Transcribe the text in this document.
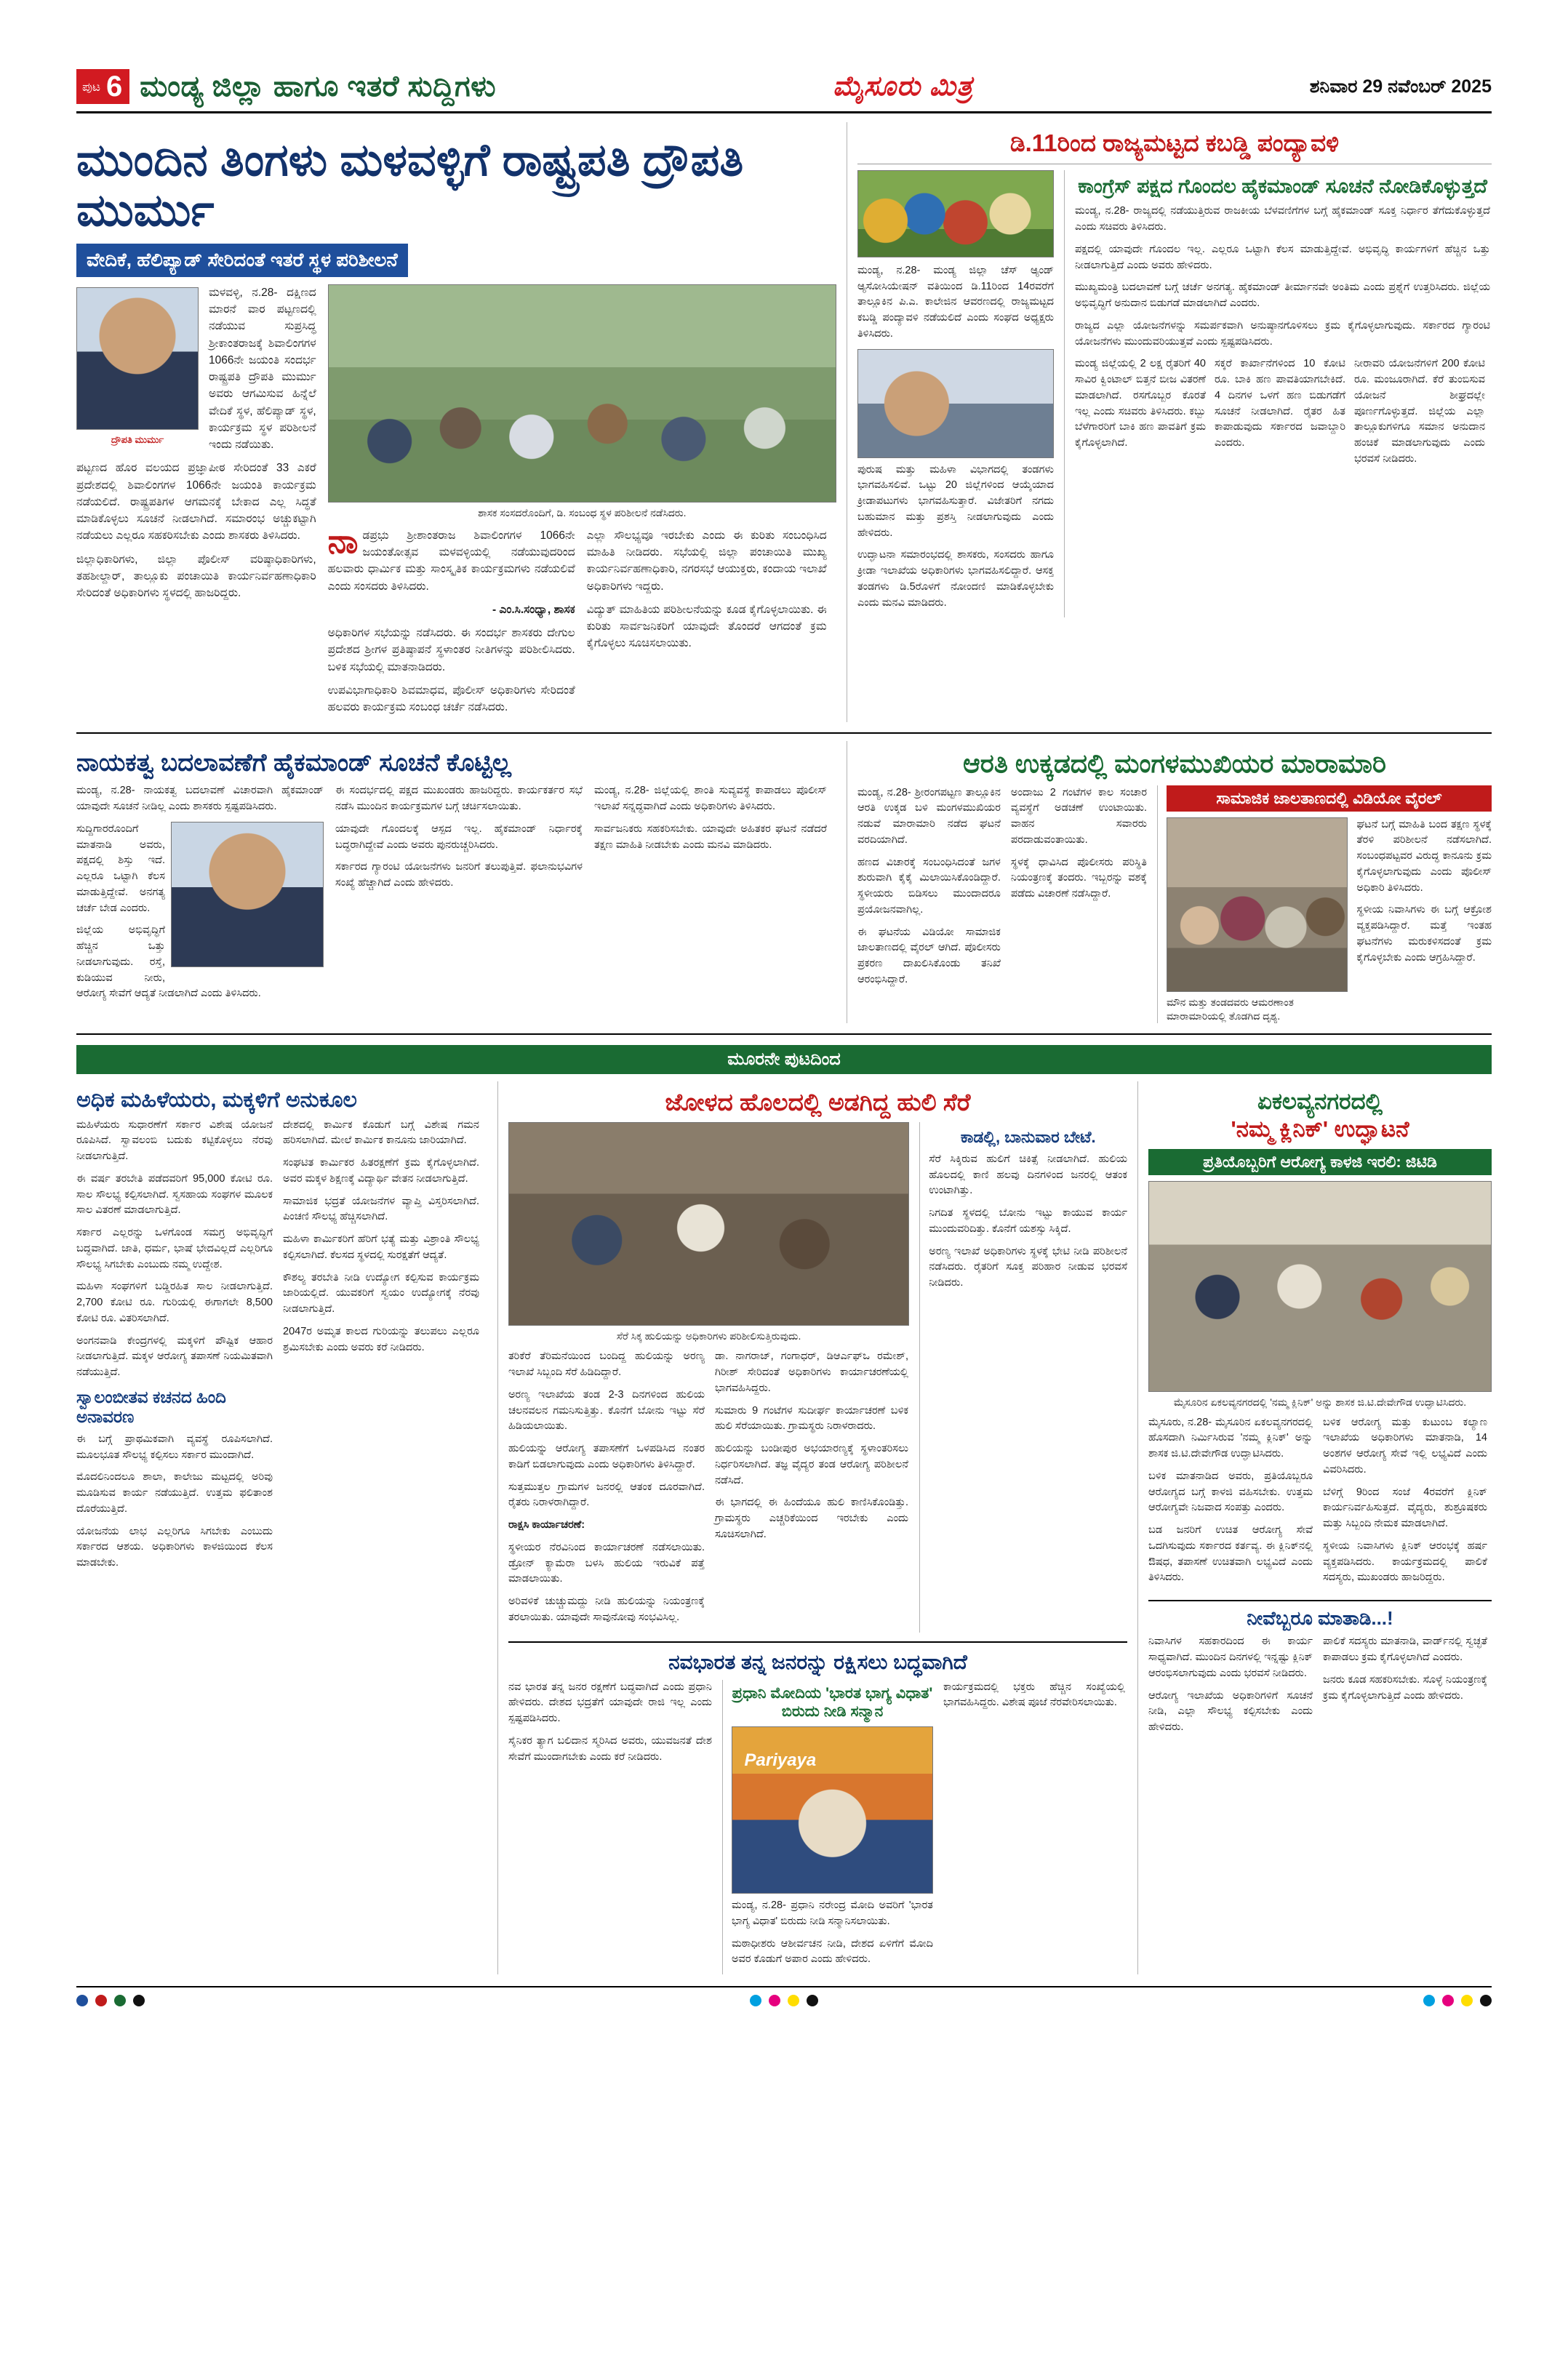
ಪುಟ 6 ಮಂಡ್ಯ ಜಿಲ್ಲಾ ಹಾಗೂ ಇತರೆ ಸುದ್ದಿಗಳು	ಮೈಸೂರು ಮಿತ್ರ	ಶನಿವಾರ 29 ನವೆಂಬರ್ 2025
ಮುಂದಿನ ತಿಂಗಳು ಮಳವಳ್ಳಿಗೆ ರಾಷ್ಟ್ರಪತಿ ದ್ರೌಪತಿ ಮುರ್ಮು
ವೇದಿಕೆ, ಹೆಲಿಪ್ಯಾಡ್ ಸೇರಿದಂತೆ ಇತರೆ ಸ್ಥಳ ಪರಿಶೀಲನೆ
ದ್ರೌಪತಿ ಮುರ್ಮು

ಮಳವಳ್ಳಿ, ನ.28- ದಕ್ಷಿಣದ ಮಾರನೆ ವಾರ ಪಟ್ಟಣದಲ್ಲಿ ನಡೆಯುವ ಸುಪ್ರಸಿದ್ಧ ಶ್ರೀಕಾಂತರಾಜಕ್ಕೆ ಶಿವಾಲಿಂಗಗಳ 1066ನೇ ಜಯಂತಿ ಸಂದರ್ಭ ರಾಷ್ಟ್ರಪತಿ ದ್ರೌಪತಿ ಮುರ್ಮು ಅವರು ಆಗಮಿಸುವ ಹಿನ್ನೆಲೆ ವೇದಿಕೆ ಸ್ಥಳ, ಹೆಲಿಪ್ಯಾಡ್ ಸ್ಥಳ, ಕಾರ್ಯಕ್ರಮ ಸ್ಥಳ ಪರಿಶೀಲನೆ ಇಂದು ನಡೆಯಿತು.

ಪಟ್ಟಣದ ಹೊರ ವಲಯದ ಪ್ರಜ್ಞಾಪೀಠ ಸೇರಿದಂತೆ 33 ಎಕರೆ ಪ್ರದೇಶದಲ್ಲಿ ಶಿವಾಲಿಂಗಗಳ 1066ನೇ ಜಯಂತಿ ಕಾರ್ಯಕ್ರಮ ನಡೆಯಲಿದೆ. ರಾಷ್ಟ್ರಪತಿಗಳ ಆಗಮನಕ್ಕೆ ಬೇಕಾದ ಎಲ್ಲ ಸಿದ್ಧತೆ ಮಾಡಿಕೊಳ್ಳಲು ಸೂಚನೆ ನೀಡಲಾಗಿದೆ. ಸಮಾರಂಭ ಅಚ್ಚುಕಟ್ಟಾಗಿ ನಡೆಯಲು ಎಲ್ಲರೂ ಸಹಕರಿಸಬೇಕು ಎಂದು ಶಾಸಕರು ತಿಳಿಸಿದರು.

ಜಿಲ್ಲಾಧಿಕಾರಿಗಳು, ಜಿಲ್ಲಾ ಪೊಲೀಸ್ ವರಿಷ್ಠಾಧಿಕಾರಿಗಳು, ತಹಶೀಲ್ದಾರ್, ತಾಲ್ಲೂಕು ಪಂಚಾಯಿತಿ ಕಾರ್ಯನಿರ್ವಹಣಾಧಿಕಾರಿ ಸೇರಿದಂತೆ ಅಧಿಕಾರಿಗಳು ಸ್ಥಳದಲ್ಲಿ ಹಾಜರಿದ್ದರು.

ಶಾಸಕ ಸಂಸದರೊಂದಿಗೆ, ಡಿ. ಸಂಬಂಧ ಸ್ಥಳ ಪರಿಶೀಲನೆ ನಡೆಸಿದರು.

ನಾಡಪ್ರಭು ಶ್ರೀಶಾಂತರಾಜ ಶಿವಾಲಿಂಗಗಳ 1066ನೇ ಜಯಂತೋತ್ಸವ ಮಳವಳ್ಳಿಯಲ್ಲಿ ನಡೆಯುವುದರಿಂದ ಹಲವಾರು ಧಾರ್ಮಿಕ ಮತ್ತು ಸಾಂಸ್ಕೃತಿಕ ಕಾರ್ಯಕ್ರಮಗಳು ನಡೆಯಲಿವೆ ಎಂದು ಸಂಸದರು ತಿಳಿಸಿದರು.

- ಎಂ.ಸಿ.ಸಂಧ್ಯಾ, ಶಾಸಕ

ಅಧಿಕಾರಿಗಳ ಸಭೆಯನ್ನು ನಡೆಸಿದರು. ಈ ಸಂದರ್ಭ ಶಾಸಕರು ದೇಗುಲ ಪ್ರದೇಶದ ಶ್ರೀಗಳ ಪ್ರತಿಷ್ಠಾಪನೆ ಸ್ಥಳಾಂತರ ನೀತಿಗಳನ್ನು ಪರಿಶೀಲಿಸಿದರು. ಬಳಿಕ ಸಭೆಯಲ್ಲಿ ಮಾತನಾಡಿದರು.

ಉಪವಿಭಾಗಾಧಿಕಾರಿ ಶಿವಮಾಧವ, ಪೊಲೀಸ್ ಅಧಿಕಾರಿಗಳು ಸೇರಿದಂತೆ ಹಲವರು ಕಾರ್ಯಕ್ರಮ ಸಂಬಂಧ ಚರ್ಚೆ ನಡೆಸಿದರು.

ಎಲ್ಲಾ ಸೌಲಭ್ಯವೂ ಇರಬೇಕು ಎಂದು ಈ ಕುರಿತು ಸಂಬಂಧಿಸಿದ ಮಾಹಿತಿ ನೀಡಿದರು. ಸಭೆಯಲ್ಲಿ ಜಿಲ್ಲಾ ಪಂಚಾಯಿತಿ ಮುಖ್ಯ ಕಾರ್ಯನಿರ್ವಹಣಾಧಿಕಾರಿ, ನಗರಸಭೆ ಆಯುಕ್ತರು, ಕಂದಾಯ ಇಲಾಖೆ ಅಧಿಕಾರಿಗಳು ಇದ್ದರು.

ವಿದ್ಯುತ್ ಮಾಹಿತಿಯ ಪರಿಶೀಲನೆಯನ್ನು ಕೂಡ ಕೈಗೊಳ್ಳಲಾಯಿತು. ಈ ಕುರಿತು ಸಾರ್ವಜನಿಕರಿಗೆ ಯಾವುದೇ ತೊಂದರೆ ಆಗದಂತೆ ಕ್ರಮ ಕೈಗೊಳ್ಳಲು ಸೂಚಿಸಲಾಯಿತು.

ಡಿ.11ರಿಂದ ರಾಜ್ಯಮಟ್ಟದ ಕಬಡ್ಡಿ ಪಂದ್ಯಾವಳಿ

ಮಂಡ್ಯ, ನ.28- ಮಂಡ್ಯ ಜಿಲ್ಲಾ ಚೆಸ್ ಆ್ಯಂಡ್ ಆ್ಯಸೋಸಿಯೇಷನ್ ವತಿಯಿಂದ ಡಿ.11ರಿಂದ 14ರವರೆಗೆ ತಾಲ್ಲೂಕಿನ ಪಿ.ಎ. ಕಾಲೇಜಿನ ಆವರಣದಲ್ಲಿ ರಾಜ್ಯಮಟ್ಟದ ಕಬಡ್ಡಿ ಪಂದ್ಯಾವಳಿ ನಡೆಯಲಿದೆ ಎಂದು ಸಂಘದ ಅಧ್ಯಕ್ಷರು ತಿಳಿಸಿದರು.

ಪುರುಷ ಮತ್ತು ಮಹಿಳಾ ವಿಭಾಗದಲ್ಲಿ ತಂಡಗಳು ಭಾಗವಹಿಸಲಿವೆ. ಒಟ್ಟು 20 ಜಿಲ್ಲೆಗಳಿಂದ ಆಯ್ಕೆಯಾದ ಕ್ರೀಡಾಪಟುಗಳು ಭಾಗವಹಿಸುತ್ತಾರೆ. ವಿಜೇತರಿಗೆ ನಗದು ಬಹುಮಾನ ಮತ್ತು ಪ್ರಶಸ್ತಿ ನೀಡಲಾಗುವುದು ಎಂದು ಹೇಳಿದರು.

ಉದ್ಘಾಟನಾ ಸಮಾರಂಭದಲ್ಲಿ ಶಾಸಕರು, ಸಂಸದರು ಹಾಗೂ ಕ್ರೀಡಾ ಇಲಾಖೆಯ ಅಧಿಕಾರಿಗಳು ಭಾಗವಹಿಸಲಿದ್ದಾರೆ. ಆಸಕ್ತ ತಂಡಗಳು ಡಿ.5ರೊಳಗೆ ನೋಂದಣಿ ಮಾಡಿಕೊಳ್ಳಬೇಕು ಎಂದು ಮನವಿ ಮಾಡಿದರು.

ಕಾಂಗ್ರೆಸ್ ಪಕ್ಷದ ಗೊಂದಲ ಹೈಕಮಾಂಡ್ ಸೂಚನೆ ನೋಡಿಕೊಳ್ಳುತ್ತದೆ

ಮಂಡ್ಯ, ನ.28- ರಾಜ್ಯದಲ್ಲಿ ನಡೆಯುತ್ತಿರುವ ರಾಜಕೀಯ ಬೆಳವಣಿಗೆಗಳ ಬಗ್ಗೆ ಹೈಕಮಾಂಡ್ ಸೂಕ್ತ ನಿರ್ಧಾರ ತೆಗೆದುಕೊಳ್ಳುತ್ತದೆ ಎಂದು ಸಚಿವರು ತಿಳಿಸಿದರು.

ಪಕ್ಷದಲ್ಲಿ ಯಾವುದೇ ಗೊಂದಲ ಇಲ್ಲ. ಎಲ್ಲರೂ ಒಟ್ಟಾಗಿ ಕೆಲಸ ಮಾಡುತ್ತಿದ್ದೇವೆ. ಅಭಿವೃದ್ಧಿ ಕಾರ್ಯಗಳಿಗೆ ಹೆಚ್ಚಿನ ಒತ್ತು ನೀಡಲಾಗುತ್ತಿದೆ ಎಂದು ಅವರು ಹೇಳಿದರು.

ಮುಖ್ಯಮಂತ್ರಿ ಬದಲಾವಣೆ ಬಗ್ಗೆ ಚರ್ಚೆ ಅನಗತ್ಯ. ಹೈಕಮಾಂಡ್ ತೀರ್ಮಾನವೇ ಅಂತಿಮ ಎಂದು ಪ್ರಶ್ನೆಗೆ ಉತ್ತರಿಸಿದರು. ಜಿಲ್ಲೆಯ ಅಭಿವೃದ್ಧಿಗೆ ಅನುದಾನ ಬಿಡುಗಡೆ ಮಾಡಲಾಗಿದೆ ಎಂದರು.

ರಾಜ್ಯದ ಎಲ್ಲಾ ಯೋಜನೆಗಳನ್ನು ಸಮರ್ಪಕವಾಗಿ ಅನುಷ್ಠಾನಗೊಳಿಸಲು ಕ್ರಮ ಕೈಗೊಳ್ಳಲಾಗುವುದು. ಸರ್ಕಾರದ ಗ್ಯಾರಂಟಿ ಯೋಜನೆಗಳು ಮುಂದುವರಿಯುತ್ತವೆ ಎಂದು ಸ್ಪಷ್ಟಪಡಿಸಿದರು.

ಮಂಡ್ಯ ಜಿಲ್ಲೆಯಲ್ಲಿ 2 ಲಕ್ಷ ರೈತರಿಗೆ 40 ಸಾವಿರ ಕ್ವಿಂಟಾಲ್ ಬಿತ್ತನೆ ಬೀಜ ವಿತರಣೆ ಮಾಡಲಾಗಿದೆ. ರಸಗೊಬ್ಬರ ಕೊರತೆ ಇಲ್ಲ ಎಂದು ಸಚಿವರು ತಿಳಿಸಿದರು. ಕಬ್ಬು ಬೆಳೆಗಾರರಿಗೆ ಬಾಕಿ ಹಣ ಪಾವತಿಗೆ ಕ್ರಮ ಕೈಗೊಳ್ಳಲಾಗಿದೆ.

ಸಕ್ಕರೆ ಕಾರ್ಖಾನೆಗಳಿಂದ 10 ಕೋಟಿ ರೂ. ಬಾಕಿ ಹಣ ಪಾವತಿಯಾಗಬೇಕಿದೆ. 4 ದಿನಗಳ ಒಳಗೆ ಹಣ ಬಿಡುಗಡೆಗೆ ಸೂಚನೆ ನೀಡಲಾಗಿದೆ. ರೈತರ ಹಿತ ಕಾಪಾಡುವುದು ಸರ್ಕಾರದ ಜವಾಬ್ದಾರಿ ಎಂದರು.

ನೀರಾವರಿ ಯೋಜನೆಗಳಿಗೆ 200 ಕೋಟಿ ರೂ. ಮಂಜೂರಾಗಿದೆ. ಕೆರೆ ತುಂಬಿಸುವ ಯೋಜನೆ ಶೀಘ್ರದಲ್ಲೇ ಪೂರ್ಣಗೊಳ್ಳುತ್ತದೆ. ಜಿಲ್ಲೆಯ ಎಲ್ಲಾ ತಾಲ್ಲೂಕುಗಳಿಗೂ ಸಮಾನ ಅನುದಾನ ಹಂಚಿಕೆ ಮಾಡಲಾಗುವುದು ಎಂದು ಭರವಸೆ ನೀಡಿದರು.

ನಾಯಕತ್ವ ಬದಲಾವಣೆಗೆ ಹೈಕಮಾಂಡ್ ಸೂಚನೆ ಕೊಟ್ಟಿಲ್ಲ

ಮಂಡ್ಯ, ನ.28- ನಾಯಕತ್ವ ಬದಲಾವಣೆ ವಿಚಾರವಾಗಿ ಹೈಕಮಾಂಡ್ ಯಾವುದೇ ಸೂಚನೆ ನೀಡಿಲ್ಲ ಎಂದು ಶಾಸಕರು ಸ್ಪಷ್ಟಪಡಿಸಿದರು.

ಸುದ್ದಿಗಾರರೊಂದಿಗೆ ಮಾತನಾಡಿ ಅವರು, ಪಕ್ಷದಲ್ಲಿ ಶಿಸ್ತು ಇದೆ. ಎಲ್ಲರೂ ಒಟ್ಟಾಗಿ ಕೆಲಸ ಮಾಡುತ್ತಿದ್ದೇವೆ. ಅನಗತ್ಯ ಚರ್ಚೆ ಬೇಡ ಎಂದರು.

ಜಿಲ್ಲೆಯ ಅಭಿವೃದ್ಧಿಗೆ ಹೆಚ್ಚಿನ ಒತ್ತು ನೀಡಲಾಗುವುದು. ರಸ್ತೆ, ಕುಡಿಯುವ ನೀರು, ಆರೋಗ್ಯ ಸೇವೆಗೆ ಆದ್ಯತೆ ನೀಡಲಾಗಿದೆ ಎಂದು ತಿಳಿಸಿದರು.

ಈ ಸಂದರ್ಭದಲ್ಲಿ ಪಕ್ಷದ ಮುಖಂಡರು ಹಾಜರಿದ್ದರು. ಕಾರ್ಯಕರ್ತರ ಸಭೆ ನಡೆಸಿ ಮುಂದಿನ ಕಾರ್ಯಕ್ರಮಗಳ ಬಗ್ಗೆ ಚರ್ಚಿಸಲಾಯಿತು.

ಯಾವುದೇ ಗೊಂದಲಕ್ಕೆ ಆಸ್ಪದ ಇಲ್ಲ. ಹೈಕಮಾಂಡ್ ನಿರ್ಧಾರಕ್ಕೆ ಬದ್ಧರಾಗಿದ್ದೇವೆ ಎಂದು ಅವರು ಪುನರುಚ್ಚರಿಸಿದರು.

ಸರ್ಕಾರದ ಗ್ಯಾರಂಟಿ ಯೋಜನೆಗಳು ಜನರಿಗೆ ತಲುಪುತ್ತಿವೆ. ಫಲಾನುಭವಿಗಳ ಸಂಖ್ಯೆ ಹೆಚ್ಚಾಗಿದೆ ಎಂದು ಹೇಳಿದರು.

ಮಂಡ್ಯ, ನ.28- ಜಿಲ್ಲೆಯಲ್ಲಿ ಶಾಂತಿ ಸುವ್ಯವಸ್ಥೆ ಕಾಪಾಡಲು ಪೊಲೀಸ್ ಇಲಾಖೆ ಸನ್ನದ್ಧವಾಗಿದೆ ಎಂದು ಅಧಿಕಾರಿಗಳು ತಿಳಿಸಿದರು.

ಸಾರ್ವಜನಿಕರು ಸಹಕರಿಸಬೇಕು. ಯಾವುದೇ ಅಹಿತಕರ ಘಟನೆ ನಡೆದರೆ ತಕ್ಷಣ ಮಾಹಿತಿ ನೀಡಬೇಕು ಎಂದು ಮನವಿ ಮಾಡಿದರು.

ಆರತಿ ಉಕ್ಕಡದಲ್ಲಿ ಮಂಗಳಮುಖಿಯರ ಮಾರಾಮಾರಿ

ಮಂಡ್ಯ, ನ.28- ಶ್ರೀರಂಗಪಟ್ಟಣ ತಾಲ್ಲೂಕಿನ ಆರತಿ ಉಕ್ಕಡ ಬಳಿ ಮಂಗಳಮುಖಿಯರ ನಡುವೆ ಮಾರಾಮಾರಿ ನಡೆದ ಘಟನೆ ವರದಿಯಾಗಿದೆ.

ಹಣದ ವಿಚಾರಕ್ಕೆ ಸಂಬಂಧಿಸಿದಂತೆ ಜಗಳ ಶುರುವಾಗಿ ಕೈಕೈ ಮಿಲಾಯಿಸಿಕೊಂಡಿದ್ದಾರೆ. ಸ್ಥಳೀಯರು ಬಿಡಿಸಲು ಮುಂದಾದರೂ ಪ್ರಯೋಜನವಾಗಿಲ್ಲ.

ಈ ಘಟನೆಯ ವಿಡಿಯೋ ಸಾಮಾಜಿಕ ಜಾಲತಾಣದಲ್ಲಿ ವೈರಲ್ ಆಗಿದೆ. ಪೊಲೀಸರು ಪ್ರಕರಣ ದಾಖಲಿಸಿಕೊಂಡು ತನಿಖೆ ಆರಂಭಿಸಿದ್ದಾರೆ.

ಅಂದಾಜು 2 ಗಂಟೆಗಳ ಕಾಲ ಸಂಚಾರ ವ್ಯವಸ್ಥೆಗೆ ಅಡಚಣೆ ಉಂಟಾಯಿತು. ವಾಹನ ಸವಾರರು ಪರದಾಡುವಂತಾಯಿತು.

ಸ್ಥಳಕ್ಕೆ ಧಾವಿಸಿದ ಪೊಲೀಸರು ಪರಿಸ್ಥಿತಿ ನಿಯಂತ್ರಣಕ್ಕೆ ತಂದರು. ಇಬ್ಬರನ್ನು ವಶಕ್ಕೆ ಪಡೆದು ವಿಚಾರಣೆ ನಡೆಸಿದ್ದಾರೆ.

ಸಾಮಾಜಿಕ ಜಾಲತಾಣದಲ್ಲಿ ವಿಡಿಯೋ ವೈರಲ್
ಮೌನ ಮತ್ತು ತಂಡದವರು ಆಮರಣಾಂತ ಮಾರಾಮಾರಿಯಲ್ಲಿ ತೊಡಗಿದ ದೃಶ್ಯ.

ಘಟನೆ ಬಗ್ಗೆ ಮಾಹಿತಿ ಬಂದ ತಕ್ಷಣ ಸ್ಥಳಕ್ಕೆ ತೆರಳಿ ಪರಿಶೀಲನೆ ನಡೆಸಲಾಗಿದೆ. ಸಂಬಂಧಪಟ್ಟವರ ವಿರುದ್ಧ ಕಾನೂನು ಕ್ರಮ ಕೈಗೊಳ್ಳಲಾಗುವುದು ಎಂದು ಪೊಲೀಸ್ ಅಧಿಕಾರಿ ತಿಳಿಸಿದರು.

ಸ್ಥಳೀಯ ನಿವಾಸಿಗಳು ಈ ಬಗ್ಗೆ ಆಕ್ರೋಶ ವ್ಯಕ್ತಪಡಿಸಿದ್ದಾರೆ. ಮತ್ತೆ ಇಂತಹ ಘಟನೆಗಳು ಮರುಕಳಿಸದಂತೆ ಕ್ರಮ ಕೈಗೊಳ್ಳಬೇಕು ಎಂದು ಆಗ್ರಹಿಸಿದ್ದಾರೆ.

ಮೂರನೇ ಪುಟದಿಂದ
ಅಧಿಕ ಮಹಿಳೆಯರು, ಮಕ್ಕಳಿಗೆ ಅನುಕೂಲ

ಮಹಿಳೆಯರು ಸುಧಾರಣೆಗೆ ಸರ್ಕಾರ ವಿಶೇಷ ಯೋಜನೆ ರೂಪಿಸಿದೆ. ಸ್ವಾವಲಂಬಿ ಬದುಕು ಕಟ್ಟಿಕೊಳ್ಳಲು ನೆರವು ನೀಡಲಾಗುತ್ತಿದೆ.

ಈ ವರ್ಷ ತರಬೇತಿ ಪಡೆದವರಿಗೆ 95,000 ಕೋಟಿ ರೂ. ಸಾಲ ಸೌಲಭ್ಯ ಕಲ್ಪಿಸಲಾಗಿದೆ. ಸ್ವಸಹಾಯ ಸಂಘಗಳ ಮೂಲಕ ಸಾಲ ವಿತರಣೆ ಮಾಡಲಾಗುತ್ತಿದೆ.

ಸರ್ಕಾರ ಎಲ್ಲರನ್ನು ಒಳಗೊಂಡ ಸಮಗ್ರ ಅಭಿವೃದ್ಧಿಗೆ ಬದ್ಧವಾಗಿದೆ. ಜಾತಿ, ಧರ್ಮ, ಭಾಷೆ ಭೇದವಿಲ್ಲದೆ ಎಲ್ಲರಿಗೂ ಸೌಲಭ್ಯ ಸಿಗಬೇಕು ಎಂಬುದು ನಮ್ಮ ಉದ್ದೇಶ.

ಮಹಿಳಾ ಸಂಘಗಳಿಗೆ ಬಡ್ಡಿರಹಿತ ಸಾಲ ನೀಡಲಾಗುತ್ತಿದೆ. 2,700 ಕೋಟಿ ರೂ. ಗುರಿಯಲ್ಲಿ ಈಗಾಗಲೇ 8,500 ಕೋಟಿ ರೂ. ವಿತರಿಸಲಾಗಿದೆ.

ಅಂಗನವಾಡಿ ಕೇಂದ್ರಗಳಲ್ಲಿ ಮಕ್ಕಳಿಗೆ ಪೌಷ್ಟಿಕ ಆಹಾರ ನೀಡಲಾಗುತ್ತಿದೆ. ಮಕ್ಕಳ ಆರೋಗ್ಯ ತಪಾಸಣೆ ನಿಯಮಿತವಾಗಿ ನಡೆಯುತ್ತಿದೆ.

ಸ್ವಾಲಂಬೀತವ ಕಚನದ ಹಿಂದಿ ಅನಾವರಣ

ಈ ಬಗ್ಗೆ ಪ್ರಾಥಮಿಕವಾಗಿ ವ್ಯವಸ್ಥೆ ರೂಪಿಸಲಾಗಿದೆ. ಮೂಲಭೂತ ಸೌಲಭ್ಯ ಕಲ್ಪಿಸಲು ಸರ್ಕಾರ ಮುಂದಾಗಿದೆ.

ಮೊದಲಿನಿಂದಲೂ ಶಾಲಾ, ಕಾಲೇಜು ಮಟ್ಟದಲ್ಲಿ ಅರಿವು ಮೂಡಿಸುವ ಕಾರ್ಯ ನಡೆಯುತ್ತಿದೆ. ಉತ್ತಮ ಫಲಿತಾಂಶ ದೊರೆಯುತ್ತಿದೆ.

ಯೋಜನೆಯ ಲಾಭ ಎಲ್ಲರಿಗೂ ಸಿಗಬೇಕು ಎಂಬುದು ಸರ್ಕಾರದ ಆಶಯ. ಅಧಿಕಾರಿಗಳು ಕಾಳಜಿಯಿಂದ ಕೆಲಸ ಮಾಡಬೇಕು.

ದೇಶದಲ್ಲಿ ಕಾರ್ಮಿಕ ಕೊಡುಗೆ ಬಗ್ಗೆ ವಿಶೇಷ ಗಮನ ಹರಿಸಲಾಗಿದೆ. ಮೇಲೆ ಕಾರ್ಮಿಕ ಕಾನೂನು ಜಾರಿಯಾಗಿದೆ.

ಸಂಘಟಿತ ಕಾರ್ಮಿಕರ ಹಿತರಕ್ಷಣೆಗೆ ಕ್ರಮ ಕೈಗೊಳ್ಳಲಾಗಿದೆ. ಅವರ ಮಕ್ಕಳ ಶಿಕ್ಷಣಕ್ಕೆ ವಿದ್ಯಾರ್ಥಿ ವೇತನ ನೀಡಲಾಗುತ್ತಿದೆ.

ಸಾಮಾಜಿಕ ಭದ್ರತೆ ಯೋಜನೆಗಳ ವ್ಯಾಪ್ತಿ ವಿಸ್ತರಿಸಲಾಗಿದೆ. ಪಿಂಚಣಿ ಸೌಲಭ್ಯ ಹೆಚ್ಚಿಸಲಾಗಿದೆ.

ಮಹಿಳಾ ಕಾರ್ಮಿಕರಿಗೆ ಹೆರಿಗೆ ಭತ್ಯೆ ಮತ್ತು ವಿಶ್ರಾಂತಿ ಸೌಲಭ್ಯ ಕಲ್ಪಿಸಲಾಗಿದೆ. ಕೆಲಸದ ಸ್ಥಳದಲ್ಲಿ ಸುರಕ್ಷತೆಗೆ ಆದ್ಯತೆ.

ಕೌಶಲ್ಯ ತರಬೇತಿ ನೀಡಿ ಉದ್ಯೋಗ ಕಲ್ಪಿಸುವ ಕಾರ್ಯಕ್ರಮ ಜಾರಿಯಲ್ಲಿದೆ. ಯುವಕರಿಗೆ ಸ್ವಯಂ ಉದ್ಯೋಗಕ್ಕೆ ನೆರವು ನೀಡಲಾಗುತ್ತಿದೆ.

2047ರ ಅಮೃತ ಕಾಲದ ಗುರಿಯನ್ನು ತಲುಪಲು ಎಲ್ಲರೂ ಶ್ರಮಿಸಬೇಕು ಎಂದು ಅವರು ಕರೆ ನೀಡಿದರು.

ಜೋಳದ ಹೊಲದಲ್ಲಿ ಅಡಗಿದ್ದ ಹುಲಿ ಸೆರೆ
ಸೆರೆ ಸಿಕ್ಕ ಹುಲಿಯನ್ನು ಅಧಿಕಾರಿಗಳು ಪರಿಶೀಲಿಸುತ್ತಿರುವುದು.

ತರಿಕೆರೆ ತೆರಿಮನೆಯಿಂದ ಬಂದಿದ್ದ ಹುಲಿಯನ್ನು ಅರಣ್ಯ ಇಲಾಖೆ ಸಿಬ್ಬಂದಿ ಸೆರೆ ಹಿಡಿದಿದ್ದಾರೆ.

ಅರಣ್ಯ ಇಲಾಖೆಯ ತಂಡ 2-3 ದಿನಗಳಿಂದ ಹುಲಿಯ ಚಲನವಲನ ಗಮನಿಸುತ್ತಿತ್ತು. ಕೊನೆಗೆ ಬೋನು ಇಟ್ಟು ಸೆರೆ ಹಿಡಿಯಲಾಯಿತು.

ಹುಲಿಯನ್ನು ಆರೋಗ್ಯ ತಪಾಸಣೆಗೆ ಒಳಪಡಿಸಿದ ನಂತರ ಕಾಡಿಗೆ ಬಿಡಲಾಗುವುದು ಎಂದು ಅಧಿಕಾರಿಗಳು ತಿಳಿಸಿದ್ದಾರೆ.

ಸುತ್ತಮುತ್ತಲ ಗ್ರಾಮಗಳ ಜನರಲ್ಲಿ ಆತಂಕ ದೂರವಾಗಿದೆ. ರೈತರು ನಿರಾಳರಾಗಿದ್ದಾರೆ.

ರಾಕ್ಷಸಿ ಕಾರ್ಯಾಚರಣೆ:

ಸ್ಥಳೀಯರ ನೆರವಿನಿಂದ ಕಾರ್ಯಾಚರಣೆ ನಡೆಸಲಾಯಿತು. ಡ್ರೋನ್ ಕ್ಯಾಮೆರಾ ಬಳಸಿ ಹುಲಿಯ ಇರುವಿಕೆ ಪತ್ತೆ ಮಾಡಲಾಯಿತು.

ಅರಿವಳಿಕೆ ಚುಚ್ಚುಮದ್ದು ನೀಡಿ ಹುಲಿಯನ್ನು ನಿಯಂತ್ರಣಕ್ಕೆ ತರಲಾಯಿತು. ಯಾವುದೇ ಸಾವುನೋವು ಸಂಭವಿಸಿಲ್ಲ.

ಡಾ. ನಾಗರಾಜ್, ಗಂಗಾಧರ್, ಡಿಆರ್ಎಫ್ಒ ರಮೇಶ್, ಗಿರೀಶ್ ಸೇರಿದಂತೆ ಅಧಿಕಾರಿಗಳು ಕಾರ್ಯಾಚರಣೆಯಲ್ಲಿ ಭಾಗವಹಿಸಿದ್ದರು.

ಸುಮಾರು 9 ಗಂಟೆಗಳ ಸುದೀರ್ಘ ಕಾರ್ಯಾಚರಣೆ ಬಳಿಕ ಹುಲಿ ಸೆರೆಯಾಯಿತು. ಗ್ರಾಮಸ್ಥರು ನಿರಾಳರಾದರು.

ಹುಲಿಯನ್ನು ಬಂಡೀಪುರ ಅಭಯಾರಣ್ಯಕ್ಕೆ ಸ್ಥಳಾಂತರಿಸಲು ನಿರ್ಧರಿಸಲಾಗಿದೆ. ತಜ್ಞ ವೈದ್ಯರ ತಂಡ ಆರೋಗ್ಯ ಪರಿಶೀಲನೆ ನಡೆಸಿದೆ.

ಈ ಭಾಗದಲ್ಲಿ ಈ ಹಿಂದೆಯೂ ಹುಲಿ ಕಾಣಿಸಿಕೊಂಡಿತ್ತು. ಗ್ರಾಮಸ್ಥರು ಎಚ್ಚರಿಕೆಯಿಂದ ಇರಬೇಕು ಎಂದು ಸೂಚಿಸಲಾಗಿದೆ.

ಕಾಡಲ್ಲಿ, ಬಾನುವಾರ ಬೇಟೆ.

ಸೆರೆ ಸಿಕ್ಕಿರುವ ಹುಲಿಗೆ ಚಿಕಿತ್ಸೆ ನೀಡಲಾಗಿದೆ. ಹುಲಿಯ ಹೊಲದಲ್ಲಿ ಕಾಣಿ ಹಲವು ದಿನಗಳಿಂದ ಜನರಲ್ಲಿ ಆತಂಕ ಉಂಟಾಗಿತ್ತು.

ನಿಗದಿತ ಸ್ಥಳದಲ್ಲಿ ಬೋನು ಇಟ್ಟು ಕಾಯುವ ಕಾರ್ಯ ಮುಂದುವರಿದಿತ್ತು. ಕೊನೆಗೆ ಯಶಸ್ಸು ಸಿಕ್ಕಿದೆ.

ಅರಣ್ಯ ಇಲಾಖೆ ಅಧಿಕಾರಿಗಳು ಸ್ಥಳಕ್ಕೆ ಭೇಟಿ ನೀಡಿ ಪರಿಶೀಲನೆ ನಡೆಸಿದರು. ರೈತರಿಗೆ ಸೂಕ್ತ ಪರಿಹಾರ ನೀಡುವ ಭರವಸೆ ನೀಡಿದರು.

ನವಭಾರತ ತನ್ನ ಜನರನ್ನು ರಕ್ಷಿಸಲು ಬದ್ಧವಾಗಿದೆ

ನವ ಭಾರತ ತನ್ನ ಜನರ ರಕ್ಷಣೆಗೆ ಬದ್ಧವಾಗಿದೆ ಎಂದು ಪ್ರಧಾನಿ ಹೇಳಿದರು. ದೇಶದ ಭದ್ರತೆಗೆ ಯಾವುದೇ ರಾಜಿ ಇಲ್ಲ ಎಂದು ಸ್ಪಷ್ಟಪಡಿಸಿದರು.

ಸೈನಿಕರ ತ್ಯಾಗ ಬಲಿದಾನ ಸ್ಮರಿಸಿದ ಅವರು, ಯುವಜನತೆ ದೇಶ ಸೇವೆಗೆ ಮುಂದಾಗಬೇಕು ಎಂದು ಕರೆ ನೀಡಿದರು.

ಪ್ರಧಾನಿ ಮೋದಿಯ 'ಭಾರತ ಭಾಗ್ಯ ವಿಧಾತ' ಬಿರುದು ನೀಡಿ ಸನ್ಮಾನ
Pariyaya

ಮಂಡ್ಯ, ನ.28- ಪ್ರಧಾನಿ ನರೇಂದ್ರ ಮೋದಿ ಅವರಿಗೆ 'ಭಾರತ ಭಾಗ್ಯ ವಿಧಾತ' ಬಿರುದು ನೀಡಿ ಸನ್ಮಾನಿಸಲಾಯಿತು.

ಮಠಾಧೀಶರು ಆಶೀರ್ವಚನ ನೀಡಿ, ದೇಶದ ಏಳಿಗೆಗೆ ಮೋದಿ ಅವರ ಕೊಡುಗೆ ಅಪಾರ ಎಂದು ಹೇಳಿದರು.

ಕಾರ್ಯಕ್ರಮದಲ್ಲಿ ಭಕ್ತರು ಹೆಚ್ಚಿನ ಸಂಖ್ಯೆಯಲ್ಲಿ ಭಾಗವಹಿಸಿದ್ದರು. ವಿಶೇಷ ಪೂಜೆ ನೆರವೇರಿಸಲಾಯಿತು.

ಏಕಲವ್ಯನಗರದಲ್ಲಿ
'ನಮ್ಮ ಕ್ಲಿನಿಕ್' ಉದ್ಘಾಟನೆ
ಪ್ರತಿಯೊಬ್ಬರಿಗೆ ಆರೋಗ್ಯ ಕಾಳಜಿ ಇರಲಿ: ಜಿಟಿಡಿ
ಮೈಸೂರಿನ ಏಕಲವ್ಯನಗರದಲ್ಲಿ 'ನಮ್ಮ ಕ್ಲಿನಿಕ್' ಅನ್ನು ಶಾಸಕ ಜಿ.ಟಿ.ದೇವೇಗೌಡ ಉದ್ಘಾಟಿಸಿದರು.

ಮೈಸೂರು, ನ.28- ಮೈಸೂರಿನ ಏಕಲವ್ಯನಗರದಲ್ಲಿ ಹೊಸದಾಗಿ ನಿರ್ಮಿಸಿರುವ 'ನಮ್ಮ ಕ್ಲಿನಿಕ್' ಅನ್ನು ಶಾಸಕ ಜಿ.ಟಿ.ದೇವೇಗೌಡ ಉದ್ಘಾಟಿಸಿದರು.

ಬಳಿಕ ಮಾತನಾಡಿದ ಅವರು, ಪ್ರತಿಯೊಬ್ಬರೂ ಆರೋಗ್ಯದ ಬಗ್ಗೆ ಕಾಳಜಿ ವಹಿಸಬೇಕು. ಉತ್ತಮ ಆರೋಗ್ಯವೇ ನಿಜವಾದ ಸಂಪತ್ತು ಎಂದರು.

ಬಡ ಜನರಿಗೆ ಉಚಿತ ಆರೋಗ್ಯ ಸೇವೆ ಒದಗಿಸುವುದು ಸರ್ಕಾರದ ಕರ್ತವ್ಯ. ಈ ಕ್ಲಿನಿಕ್‌ನಲ್ಲಿ ಔಷಧ, ತಪಾಸಣೆ ಉಚಿತವಾಗಿ ಲಭ್ಯವಿದೆ ಎಂದು ತಿಳಿಸಿದರು.

ಬಳಿಕ ಆರೋಗ್ಯ ಮತ್ತು ಕುಟುಂಬ ಕಲ್ಯಾಣ ಇಲಾಖೆಯ ಅಧಿಕಾರಿಗಳು ಮಾತನಾಡಿ, 14 ಅಂಶಗಳ ಆರೋಗ್ಯ ಸೇವೆ ಇಲ್ಲಿ ಲಭ್ಯವಿದೆ ಎಂದು ವಿವರಿಸಿದರು.

ಬೆಳಿಗ್ಗೆ 9ರಿಂದ ಸಂಜೆ 4ರವರೆಗೆ ಕ್ಲಿನಿಕ್ ಕಾರ್ಯನಿರ್ವಹಿಸುತ್ತದೆ. ವೈದ್ಯರು, ಶುಶ್ರೂಷಕರು ಮತ್ತು ಸಿಬ್ಬಂದಿ ನೇಮಕ ಮಾಡಲಾಗಿದೆ.

ಸ್ಥಳೀಯ ನಿವಾಸಿಗಳು ಕ್ಲಿನಿಕ್ ಆರಂಭಕ್ಕೆ ಹರ್ಷ ವ್ಯಕ್ತಪಡಿಸಿದರು. ಕಾರ್ಯಕ್ರಮದಲ್ಲಿ ಪಾಲಿಕೆ ಸದಸ್ಯರು, ಮುಖಂಡರು ಹಾಜರಿದ್ದರು.

ನೀವೆಬ್ಬರೂ ಮಾತಾಡಿ...!

ನಿವಾಸಿಗಳ ಸಹಕಾರದಿಂದ ಈ ಕಾರ್ಯ ಸಾಧ್ಯವಾಗಿದೆ. ಮುಂದಿನ ದಿನಗಳಲ್ಲಿ ಇನ್ನಷ್ಟು ಕ್ಲಿನಿಕ್ ಆರಂಭಿಸಲಾಗುವುದು ಎಂದು ಭರವಸೆ ನೀಡಿದರು.

ಆರೋಗ್ಯ ಇಲಾಖೆಯ ಅಧಿಕಾರಿಗಳಿಗೆ ಸೂಚನೆ ನೀಡಿ, ಎಲ್ಲಾ ಸೌಲಭ್ಯ ಕಲ್ಪಿಸಬೇಕು ಎಂದು ಹೇಳಿದರು.

ಪಾಲಿಕೆ ಸದಸ್ಯರು ಮಾತನಾಡಿ, ವಾರ್ಡ್‌ನಲ್ಲಿ ಸ್ವಚ್ಛತೆ ಕಾಪಾಡಲು ಕ್ರಮ ಕೈಗೊಳ್ಳಲಾಗಿದೆ ಎಂದರು.

ಜನರು ಕೂಡ ಸಹಕರಿಸಬೇಕು. ಸೊಳ್ಳೆ ನಿಯಂತ್ರಣಕ್ಕೆ ಕ್ರಮ ಕೈಗೊಳ್ಳಲಾಗುತ್ತಿದೆ ಎಂದು ಹೇಳಿದರು.
